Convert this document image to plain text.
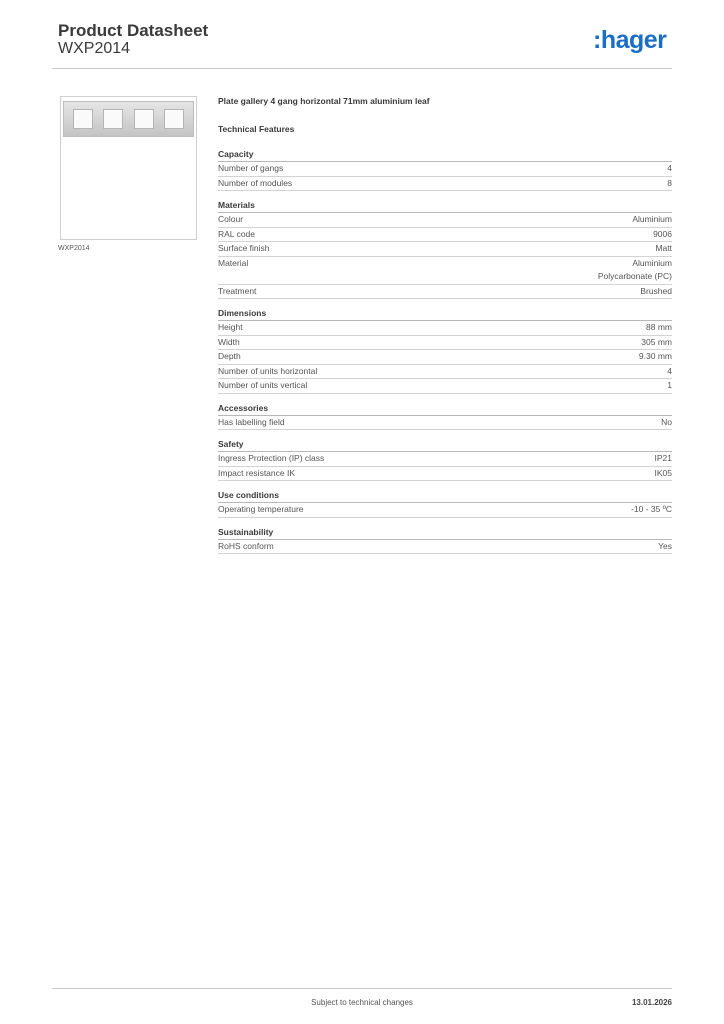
Product Datasheet
WXP2014	:hager
WXP2014
Plate gallery 4 gang horizontal 71mm aluminium leaf
Technical Features
Capacity
Number of gangs	4
Number of modules	8
Materials
Colour	Aluminium
RAL code	9006
Surface finish	Matt
Material	Aluminium
Polycarbonate (PC)
Treatment	Brushed
Dimensions
Height	88 mm
Width	305 mm
Depth	9.30 mm
Number of units horizontal	4
Number of units vertical	1
Accessories
Has labelling field	No
Safety
Ingress Protection (IP) class	IP21
Impact resistance IK	IK05
Use conditions
Operating temperature	-10 - 35 ºC
Sustainability
RoHS conform	Yes
Subject to technical changes	13.01.2026
